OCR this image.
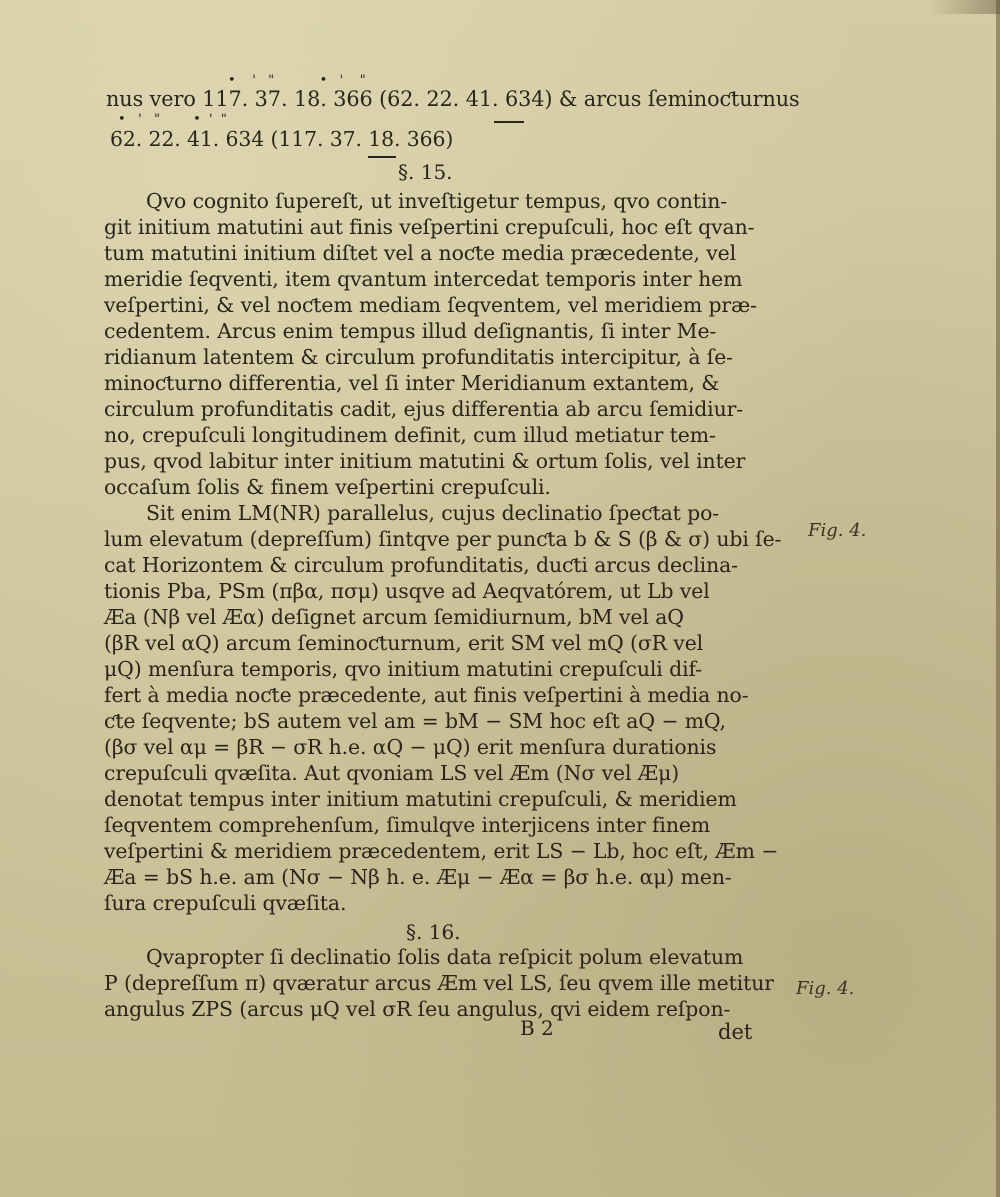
•    '   "           •   '    "
•   '   "        •  '  "
nus vero 117. 37. 18. 366 (62. 22. 41. 634) & arcus ſeminoƈturnus
62. 22. 41. 634 (117. 37. 18. 366)
§. 15.
Qvo cognito ſupereſt, ut inveſtigetur tempus, qvo contin-
git initium matutini aut finis veſpertini crepuſculi, hoc eſt qvan-
tum matutini initium diſtet vel a noƈte media præcedente, vel
meridie ſeqventi, item qvantum intercedat temporis inter hem
veſpertini, & vel noƈtem mediam ſeqventem, vel meridiem præ-
cedentem. Arcus enim tempus illud deſignantis, ſi inter Me-
ridianum latentem & circulum profunditatis intercipitur, à ſe-
minoƈturno differentia, vel ſi inter Meridianum extantem, &
circulum profunditatis cadit, ejus differentia ab arcu ſemidiur-
no, crepuſculi longitudinem definit, cum illud metiatur tem-
pus, qvod labitur inter initium matutini & ortum ſolis, vel inter
occaſum ſolis & finem veſpertini crepuſculi.
Sit enim LM(NR) parallelus, cujus declinatio ſpeƈtat po-
lum elevatum (depreſſum) ſintqve per punƈta b & S (β & σ) ubi ſe-
cat Horizontem & circulum profunditatis, duƈti arcus declina-
tionis Pba, PSm (πβα, πσμ) usqve ad Aeqvatórem, ut Lb vel
Æa (Nβ vel Æα) deſignet arcum ſemidiurnum, bM vel aQ
(βR vel αQ) arcum ſeminoƈturnum, erit SM vel mQ (σR vel
μQ) menſura temporis, qvo initium matutini crepuſculi dif-
fert à media noƈte præcedente, aut finis veſpertini à media no-
ƈte ſeqvente; bS autem vel am = bM − SM hoc eſt aQ − mQ,
(βσ vel αμ = βR − σR h.e. αQ − μQ) erit menſura durationis
crepuſculi qvæſita. Aut qvoniam LS vel Æm (Nσ vel Æμ)
denotat tempus inter initium matutini crepuſculi, & meridiem
ſeqventem comprehenſum, ſimulqve interjicens inter finem
veſpertini & meridiem præcedentem, erit LS − Lb, hoc eſt, Æm −
Æa = bS h.e. am (Nσ − Nβ h. e. Æμ − Æα = βσ h.e. αμ) men-
ſura crepuſculi qvæſita.
§. 16.
Qvapropter ſi declinatio ſolis data reſpicit polum elevatum
P (depreſſum π) qværatur arcus Æm vel LS, ſeu qvem ille metitur
angulus ZPS (arcus μQ vel σR ſeu angulus, qvi eidem reſpon-
Fig. 4.
Fig. 4.
B 2	det
